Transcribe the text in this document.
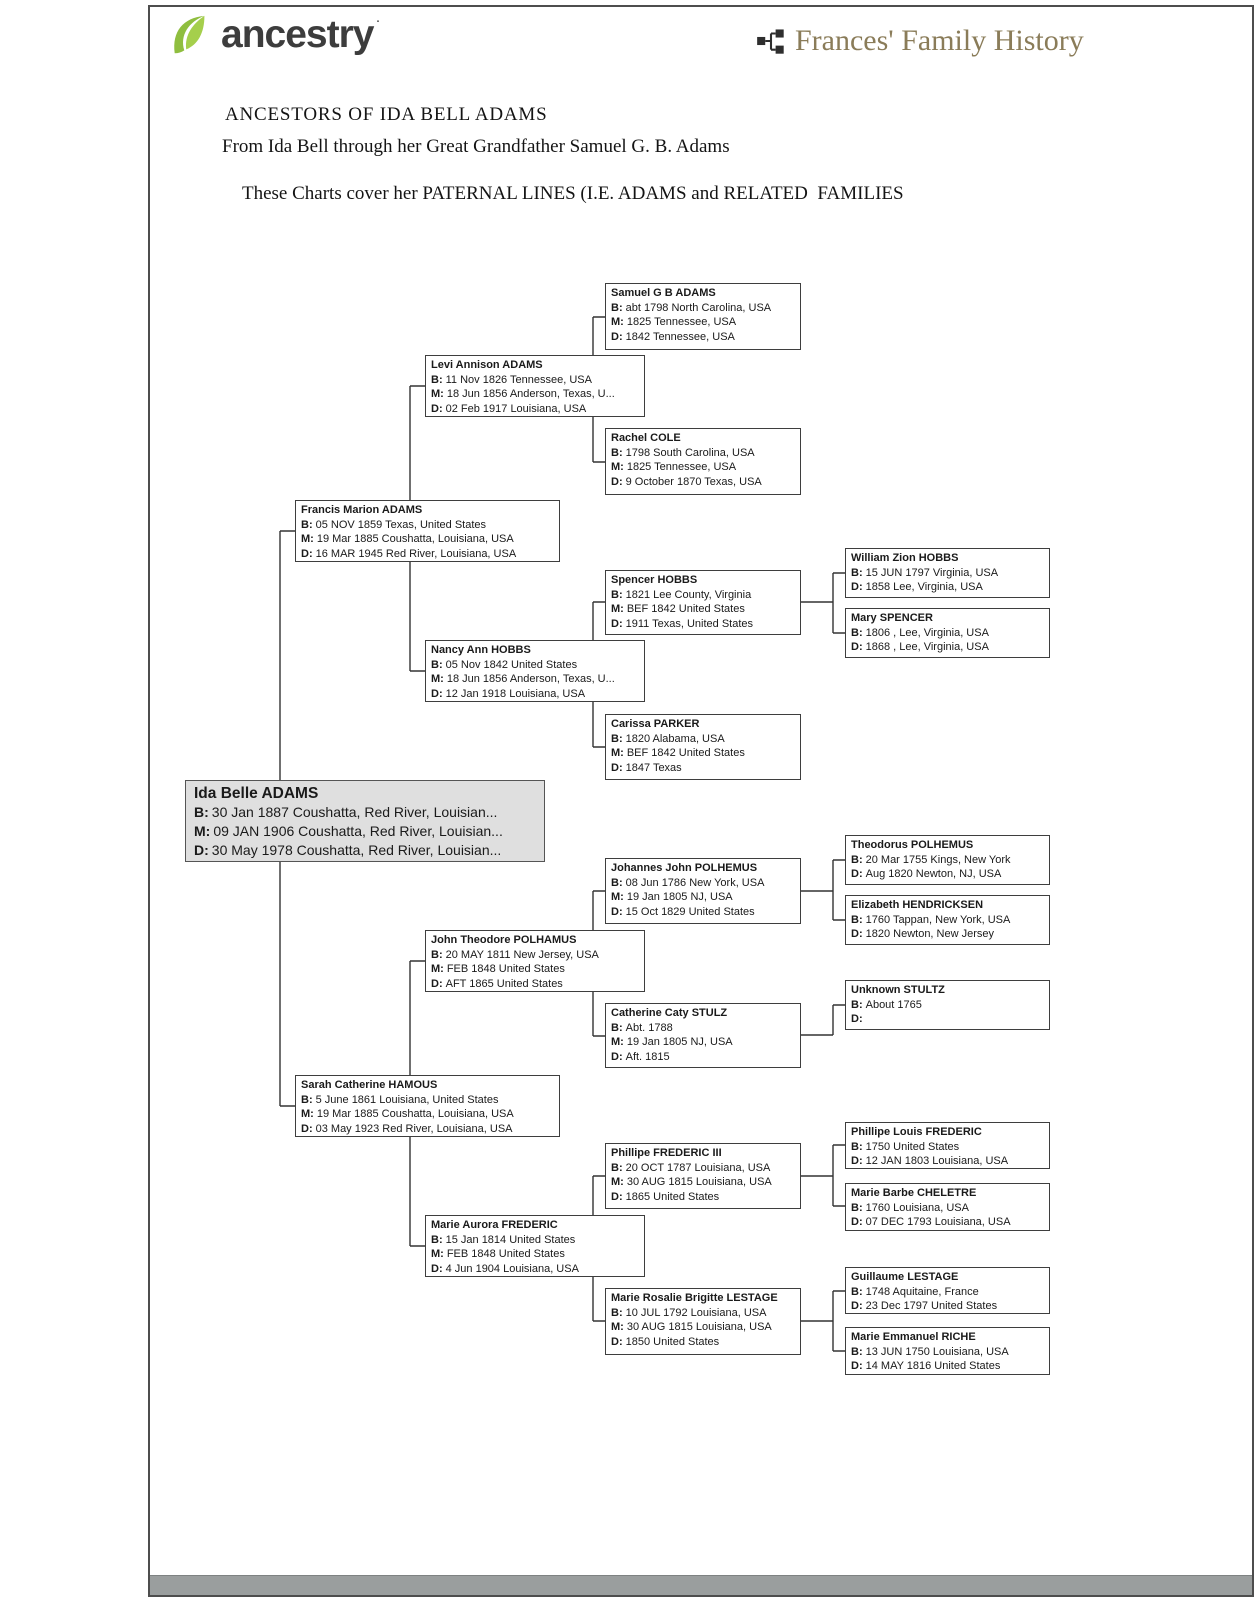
ancestry ·
Frances' Family History
ANCESTORS OF IDA BELL ADAMS
From Ida Bell through her Great Grandfather Samuel G. B. Adams
These Charts cover her PATERNAL LINES (I.E. ADAMS and RELATED  FAMILIES
Ida Belle ADAMS
B: 30 Jan 1887 Coushatta, Red River, Louisian...
M: 09 JAN 1906 Coushatta, Red River, Louisian...
D: 30 May 1978 Coushatta, Red River, Louisian...
Francis Marion ADAMS
B: 05 NOV 1859 Texas, United States
M: 19 Mar 1885 Coushatta, Louisiana, USA
D: 16 MAR 1945 Red River, Louisiana, USA
Sarah Catherine HAMOUS
B: 5 June 1861 Louisiana, United States
M: 19 Mar 1885 Coushatta, Louisiana, USA
D: 03 May 1923 Red River, Louisiana, USA
Levi Annison ADAMS
B: 11 Nov 1826 Tennessee, USA
M: 18 Jun 1856 Anderson, Texas, U...
D: 02 Feb 1917 Louisiana, USA
Nancy Ann HOBBS
B: 05 Nov 1842 United States
M: 18 Jun 1856 Anderson, Texas, U...
D: 12 Jan 1918 Louisiana, USA
John Theodore POLHAMUS
B: 20 MAY 1811 New Jersey, USA
M: FEB 1848 United States
D: AFT 1865 United States
Marie Aurora FREDERIC
B: 15 Jan 1814 United States
M: FEB 1848 United States
D: 4 Jun 1904 Louisiana, USA
Samuel G B ADAMS
B: abt 1798 North Carolina, USA
M: 1825 Tennessee, USA
D: 1842 Tennessee, USA
Rachel COLE
B: 1798 South Carolina, USA
M: 1825 Tennessee, USA
D: 9 October 1870 Texas, USA
Spencer HOBBS
B: 1821 Lee County, Virginia
M: BEF 1842 United States
D: 1911 Texas, United States
Carissa PARKER
B: 1820 Alabama, USA
M: BEF 1842 United States
D: 1847 Texas
Johannes John POLHEMUS
B: 08 Jun 1786 New York, USA
M: 19 Jan 1805 NJ, USA
D: 15 Oct 1829 United States
Catherine Caty STULZ
B: Abt. 1788
M: 19 Jan 1805 NJ, USA
D: Aft. 1815
Phillipe FREDERIC III
B: 20 OCT 1787 Louisiana, USA
M: 30 AUG 1815 Louisiana, USA
D: 1865 United States
Marie Rosalie Brigitte LESTAGE
B: 10 JUL 1792 Louisiana, USA
M: 30 AUG 1815 Louisiana, USA
D: 1850 United States
William Zion HOBBS
B: 15 JUN 1797 Virginia, USA
D: 1858 Lee, Virginia, USA
Mary SPENCER
B: 1806 , Lee, Virginia, USA
D: 1868 , Lee, Virginia, USA
Theodorus POLHEMUS
B: 20 Mar 1755 Kings, New York
D: Aug 1820 Newton, NJ, USA
Elizabeth HENDRICKSEN
B: 1760 Tappan, New York, USA
D: 1820 Newton, New Jersey
Unknown STULTZ
B: About 1765
D:
Phillipe Louis FREDERIC
B: 1750 United States
D: 12 JAN 1803 Louisiana, USA
Marie Barbe CHELETRE
B: 1760 Louisiana, USA
D: 07 DEC 1793 Louisiana, USA
Guillaume LESTAGE
B: 1748 Aquitaine, France
D: 23 Dec 1797 United States
Marie Emmanuel RICHE
B: 13 JUN 1750 Louisiana, USA
D: 14 MAY 1816 United States
